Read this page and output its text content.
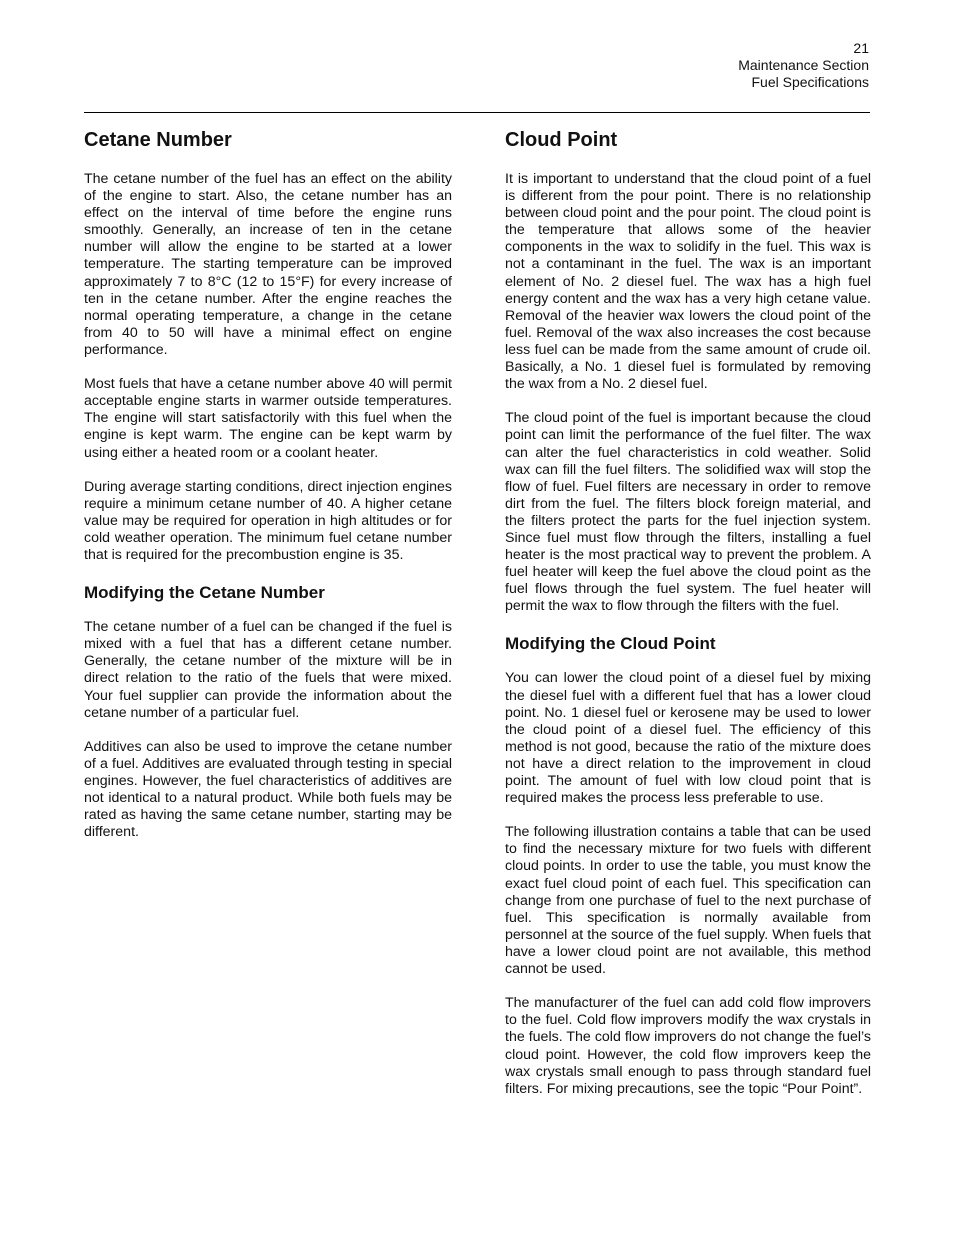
21
Maintenance Section
Fuel Specifications
Cetane Number

The cetane number of the fuel has an effect on the ability of the engine to start. Also, the cetane number has an effect on the interval of time before the engine runs smoothly. Generally, an increase of ten in the cetane number will allow the engine to be started at a lower temperature. The starting temperature can be improved approximately 7 to 8°C (12 to 15°F) for every increase of ten in the cetane number. After the engine reaches the normal operating temperature, a change in the cetane from 40 to 50 will have a minimal effect on engine performance.

Most fuels that have a cetane number above 40 will permit acceptable engine starts in warmer outside temperatures. The engine will start satisfactorily with this fuel when the engine is kept warm. The engine can be kept warm by using either a heated room or a coolant heater.

During average starting conditions, direct injection engines require a minimum cetane number of 40. A higher cetane value may be required for operation in high altitudes or for cold weather operation. The minimum fuel cetane number that is required for the precombustion engine is 35.

Modifying the Cetane Number

The cetane number of a fuel can be changed if the fuel is mixed with a fuel that has a different cetane number. Generally, the cetane number of the mixture will be in direct relation to the ratio of the fuels that were mixed. Your fuel supplier can provide the information about the cetane number of a particular fuel.

Additives can also be used to improve the cetane number of a fuel. Additives are evaluated through testing in special engines. However, the fuel characteristics of additives are not identical to a natural product. While both fuels may be rated as having the same cetane number, starting may be different.

Cloud Point

It is important to understand that the cloud point of a fuel is different from the pour point. There is no relationship between cloud point and the pour point. The cloud point is the temperature that allows some of the heavier components in the wax to solidify in the fuel. This wax is not a contaminant in the fuel. The wax is an important element of No. 2 diesel fuel. The wax has a high fuel energy content and the wax has a very high cetane value. Removal of the heavier wax lowers the cloud point of the fuel. Removal of the wax also increases the cost because less fuel can be made from the same amount of crude oil. Basically, a No. 1 diesel fuel is formulated by removing the wax from a No. 2 diesel fuel.

The cloud point of the fuel is important because the cloud point can limit the performance of the fuel filter. The wax can alter the fuel characteristics in cold weather. Solid wax can fill the fuel filters. The solidified wax will stop the flow of fuel. Fuel filters are necessary in order to remove dirt from the fuel. The filters block foreign material, and the filters protect the parts for the fuel injection system. Since fuel must flow through the filters, installing a fuel heater is the most practical way to prevent the problem. A fuel heater will keep the fuel above the cloud point as the fuel flows through the fuel system. The fuel heater will permit the wax to flow through the filters with the fuel.

Modifying the Cloud Point

You can lower the cloud point of a diesel fuel by mixing the diesel fuel with a different fuel that has a lower cloud point. No. 1 diesel fuel or kerosene may be used to lower the cloud point of a diesel fuel. The efficiency of this method is not good, because the ratio of the mixture does not have a direct relation to the improvement in cloud point. The amount of fuel with low cloud point that is required makes the process less preferable to use.

The following illustration contains a table that can be used to find the necessary mixture for two fuels with different cloud points. In order to use the table, you must know the exact fuel cloud point of each fuel. This specification can change from one purchase of fuel to the next purchase of fuel. This specification is normally available from personnel at the source of the fuel supply. When fuels that have a lower cloud point are not available, this method cannot be used.

The manufacturer of the fuel can add cold flow improvers to the fuel. Cold flow improvers modify the wax crystals in the fuels. The cold flow improvers do not change the fuel’s cloud point. However, the cold flow improvers keep the wax crystals small enough to pass through standard fuel filters. For mixing precautions, see the topic “Pour Point”.
